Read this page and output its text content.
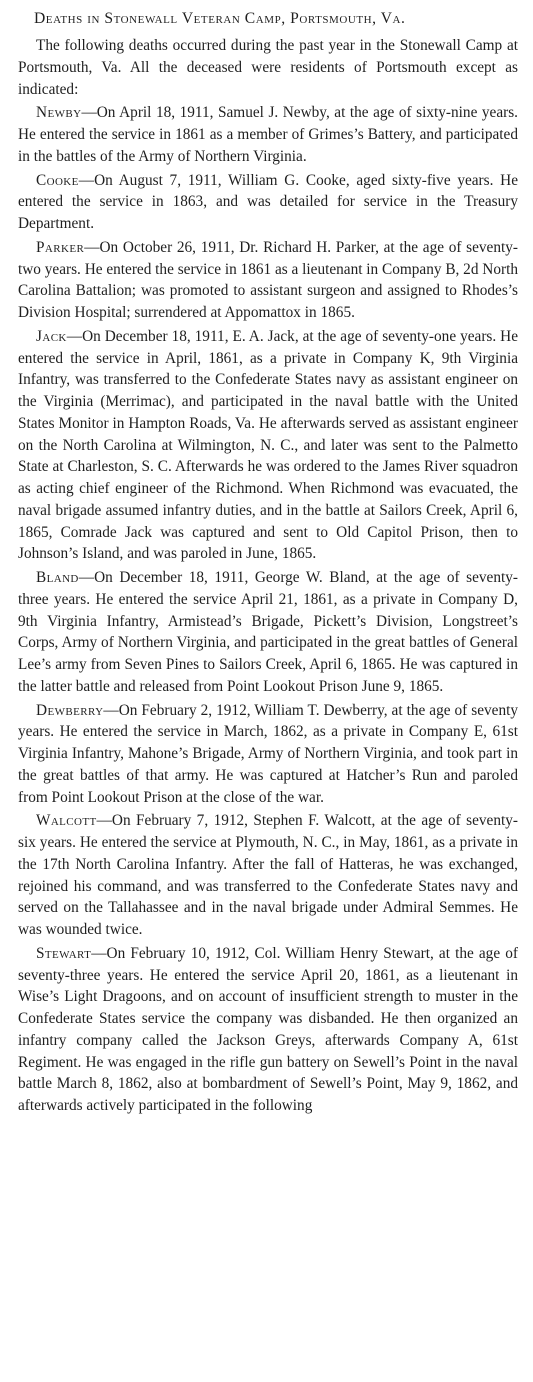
Deaths in Stonewall Veteran Camp, Portsmouth, Va.

The following deaths occurred during the past year in the Stonewall Camp at Portsmouth, Va. All the deceased were residents of Portsmouth except as indicated:

Newby—On April 18, 1911, Samuel J. Newby, at the age of sixty-nine years. He entered the service in 1861 as a member of Grimes’s Battery, and participated in the battles of the Army of Northern Virginia.

Cooke—On August 7, 1911, William G. Cooke, aged sixty-five years. He entered the service in 1863, and was detailed for service in the Treasury Department.

Parker—On October 26, 1911, Dr. Richard H. Parker, at the age of seventy-two years. He entered the service in 1861 as a lieutenant in Company B, 2d North Carolina Battalion; was promoted to assistant surgeon and assigned to Rhodes’s Division Hospital; surrendered at Appomattox in 1865.

Jack—On December 18, 1911, E. A. Jack, at the age of seventy-one years. He entered the service in April, 1861, as a private in Company K, 9th Virginia Infantry, was transferred to the Confederate States navy as assistant engineer on the Virginia (Merrimac), and participated in the naval battle with the United States Monitor in Hampton Roads, Va. He afterwards served as assistant engineer on the North Carolina at Wilmington, N. C., and later was sent to the Palmetto State at Charleston, S. C. Afterwards he was ordered to the James River squadron as acting chief engineer of the Richmond. When Richmond was evacuated, the naval brigade assumed infantry duties, and in the battle at Sailors Creek, April 6, 1865, Comrade Jack was captured and sent to Old Capitol Prison, then to Johnson’s Island, and was paroled in June, 1865.

Bland—On December 18, 1911, George W. Bland, at the age of seventy-three years. He entered the service April 21, 1861, as a private in Company D, 9th Virginia Infantry, Armistead’s Brigade, Pickett’s Division, Longstreet’s Corps, Army of Northern Virginia, and participated in the great battles of General Lee’s army from Seven Pines to Sailors Creek, April 6, 1865. He was captured in the latter battle and released from Point Lookout Prison June 9, 1865.

Dewberry—On February 2, 1912, William T. Dewberry, at the age of seventy years. He entered the service in March, 1862, as a private in Company E, 61st Virginia Infantry, Mahone’s Brigade, Army of Northern Virginia, and took part in the great battles of that army. He was captured at Hatcher’s Run and paroled from Point Lookout Prison at the close of the war.

Walcott—On February 7, 1912, Stephen F. Walcott, at the age of seventy-six years. He entered the service at Plymouth, N. C., in May, 1861, as a private in the 17th North Carolina Infantry. After the fall of Hatteras, he was exchanged, rejoined his command, and was transferred to the Confederate States navy and served on the Tallahassee and in the naval brigade under Admiral Semmes. He was wounded twice.

Stewart—On February 10, 1912, Col. William Henry Stewart, at the age of seventy-three years. He entered the service April 20, 1861, as a lieutenant in Wise’s Light Dragoons, and on account of insufficient strength to muster in the Confederate States service the company was disbanded. He then organized an infantry company called the Jackson Greys, afterwards Company A, 61st Regiment. He was engaged in the rifle gun battery on Sewell’s Point in the naval battle March 8, 1862, also at bombardment of Sewell’s Point, May 9, 1862, and afterwards actively participated in the following
